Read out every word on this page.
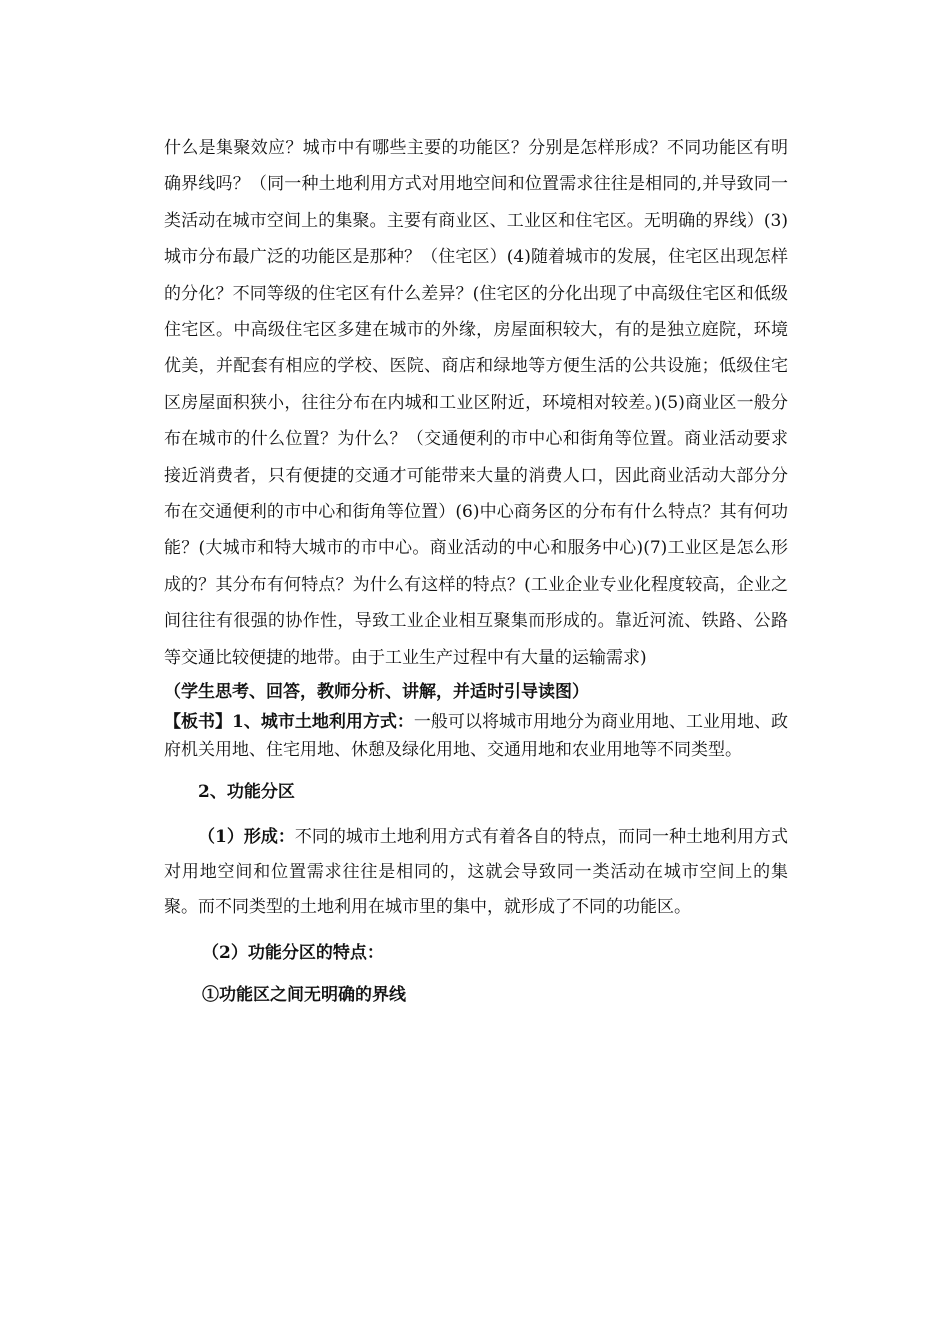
什么是集聚效应？城市中有哪些主要的功能区？分别是怎样形成？不同功能区有明确界线吗？（同一种土地利用方式对用地空间和位置需求往往是相同的,并导致同一类活动在城市空间上的集聚。主要有商业区、工业区和住宅区。无明确的界线）(3)城市分布最广泛的功能区是那种？（住宅区）(4)随着城市的发展，住宅区出现怎样的分化？不同等级的住宅区有什么差异？(住宅区的分化出现了中高级住宅区和低级住宅区。中高级住宅区多建在城市的外缘，房屋面积较大，有的是独立庭院，环境优美，并配套有相应的学校、医院、商店和绿地等方便生活的公共设施；低级住宅区房屋面积狭小，往往分布在内城和工业区附近，环境相对较差。)(5)商业区一般分布在城市的什么位置？为什么？（交通便利的市中心和街角等位置。商业活动要求接近消费者，只有便捷的交通才可能带来大量的消费人口，因此商业活动大部分分布在交通便利的市中心和街角等位置）(6)中心商务区的分布有什么特点？其有何功能？(大城市和特大城市的市中心。商业活动的中心和服务中心)(7)工业区是怎么形成的？其分布有何特点？为什么有这样的特点？(工业企业专业化程度较高，企业之间往往有很强的协作性，导致工业企业相互聚集而形成的。靠近河流、铁路、公路等交通比较便捷的地带。由于工业生产过程中有大量的运输需求)

（学生思考、回答，教师分析、讲解，并适时引导读图）

【板书】1、城市土地利用方式：一般可以将城市用地分为商业用地、工业用地、政府机关用地、住宅用地、休憩及绿化用地、交通用地和农业用地等不同类型。

2、功能分区

（1）形成：不同的城市土地利用方式有着各自的特点，而同一种土地利用方式对用地空间和位置需求往往是相同的，这就会导致同一类活动在城市空间上的集聚。而不同类型的土地利用在城市里的集中，就形成了不同的功能区。

（2）功能分区的特点：

①功能区之间无明确的界线
